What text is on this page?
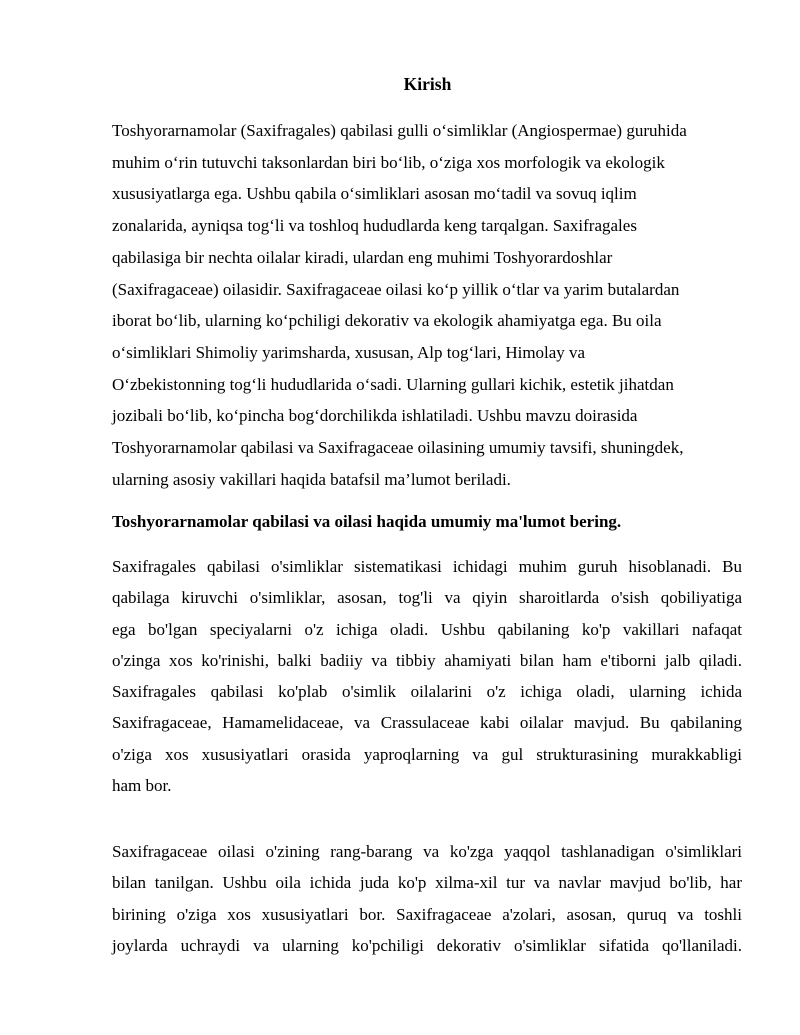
Kirish
Toshyorarnamolar (Saxifragales) qabilasi gulli o‘simliklar (Angiospermae) guruhida
muhim o‘rin tutuvchi taksonlardan biri bo‘lib, o‘ziga xos morfologik va ekologik
xususiyatlarga ega. Ushbu qabila o‘simliklari asosan mo‘tadil va sovuq iqlim
zonalarida, ayniqsa tog‘li va toshloq hududlarda keng tarqalgan. Saxifragales
qabilasiga bir nechta oilalar kiradi, ulardan eng muhimi Toshyorardoshlar
(Saxifragaceae) oilasidir. Saxifragaceae oilasi ko‘p yillik o‘tlar va yarim butalardan
iborat bo‘lib, ularning ko‘pchiligi dekorativ va ekologik ahamiyatga ega. Bu oila
o‘simliklari Shimoliy yarimsharda, xususan, Alp tog‘lari, Himolay va
O‘zbekistonning tog‘li hududlarida o‘sadi. Ularning gullari kichik, estetik jihatdan
jozibali bo‘lib, ko‘pincha bog‘dorchilikda ishlatiladi. Ushbu mavzu doirasida
Toshyorarnamolar qabilasi va Saxifragaceae oilasining umumiy tavsifi, shuningdek,
ularning asosiy vakillari haqida batafsil ma’lumot beriladi.
Toshyorarnamolar qabilasi va oilasi haqida umumiy ma'lumot bering.
Saxifragales qabilasi o'simliklar sistematikasi ichidagi muhim guruh hisoblanadi. Bu
qabilaga kiruvchi o'simliklar, asosan, tog'li va qiyin sharoitlarda o'sish qobiliyatiga
ega bo'lgan speciyalarni o'z ichiga oladi. Ushbu qabilaning ko'p vakillari nafaqat
o'zinga xos ko'rinishi, balki badiiy va tibbiy ahamiyati bilan ham e'tiborni jalb qiladi.
Saxifragales qabilasi ko'plab o'simlik oilalarini o'z ichiga oladi, ularning ichida
Saxifragaceae, Hamamelidaceae, va Crassulaceae kabi oilalar mavjud. Bu qabilaning
o'ziga xos xususiyatlari orasida yaproqlarning va gul strukturasining murakkabligi
ham bor.
Saxifragaceae oilasi o'zining rang-barang va ko'zga yaqqol tashlanadigan o'simliklari
bilan tanilgan. Ushbu oila ichida juda ko'p xilma-xil tur va navlar mavjud bo'lib, har
birining o'ziga xos xususiyatlari bor. Saxifragaceae a'zolari, asosan, quruq va toshli
joylarda uchraydi va ularning ko'pchiligi dekorativ o'simliklar sifatida qo'llaniladi.
